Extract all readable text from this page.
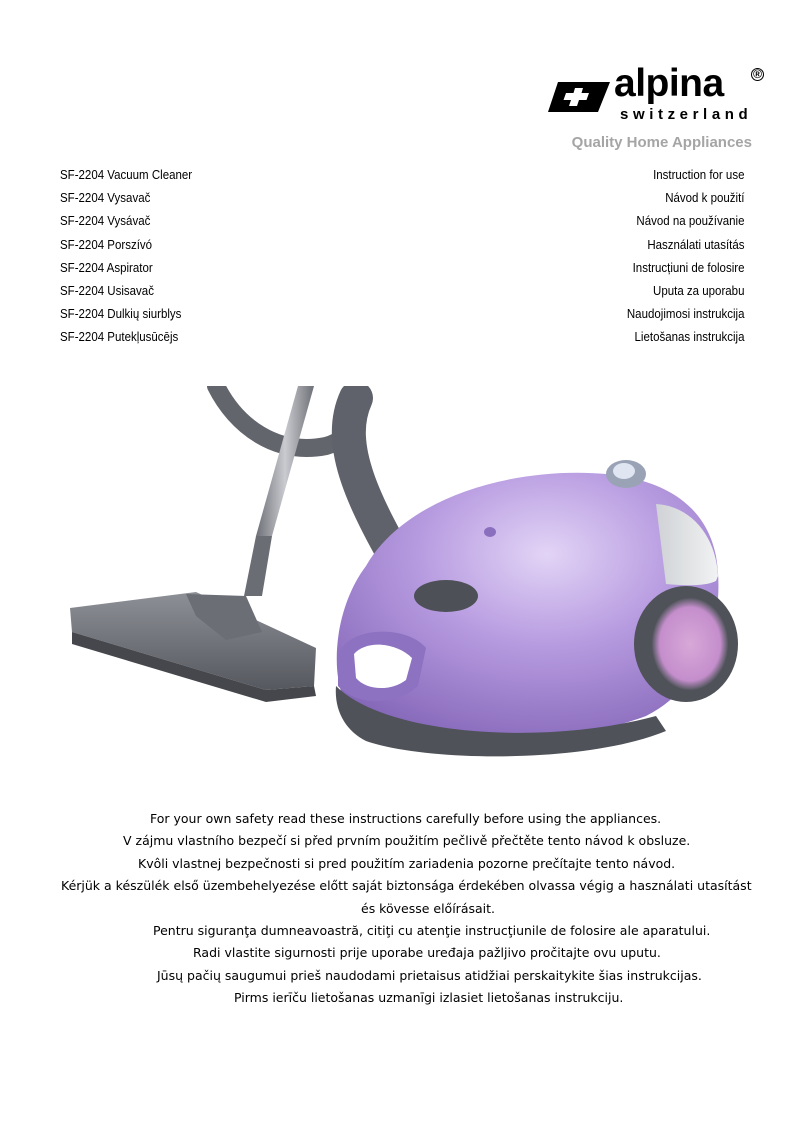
alpina ®
switzerland
Quality Home Appliances
SF-2204 Vacuum Cleaner	Instruction for use
SF-2204 Vysavač	Návod k použití
SF-2204 Vysávač	Návod na používanie
SF-2204 Porszívó	Használati utasítás
SF-2204 Aspirator	Instrucțiuni de folosire
SF-2204 Usisavač	Uputa za uporabu
SF-2204 Dulkių siurblys	Naudojimosi instrukcija
SF-2204 Putekļusūcējs	Lietošanas instrukcija
For your own safety read these instructions carefully before using the appliances.
V zájmu vlastního bezpečí si před prvním použitím pečlivě přečtěte tento návod k obsluze.
Kvôli vlastnej bezpečnosti si pred použitím zariadenia pozorne prečítajte tento návod.
Kérjük a készülék első üzembehelyezése előtt saját biztonsága érdekében olvassa végig a használati utasítást
és kövesse előírásait.
Pentru siguranţa dumneavoastră, citiţi cu atenţie instrucţiunile de folosire ale aparatului.
Radi vlastite sigurnosti prije uporabe uređaja pažljivo pročitajte ovu uputu.
Jūsų pačių saugumui prieš naudodami prietaisus atidžiai perskaitykite šias instrukcijas.
Pirms ierīču lietošanas uzmanīgi izlasiet lietošanas instrukciju.
